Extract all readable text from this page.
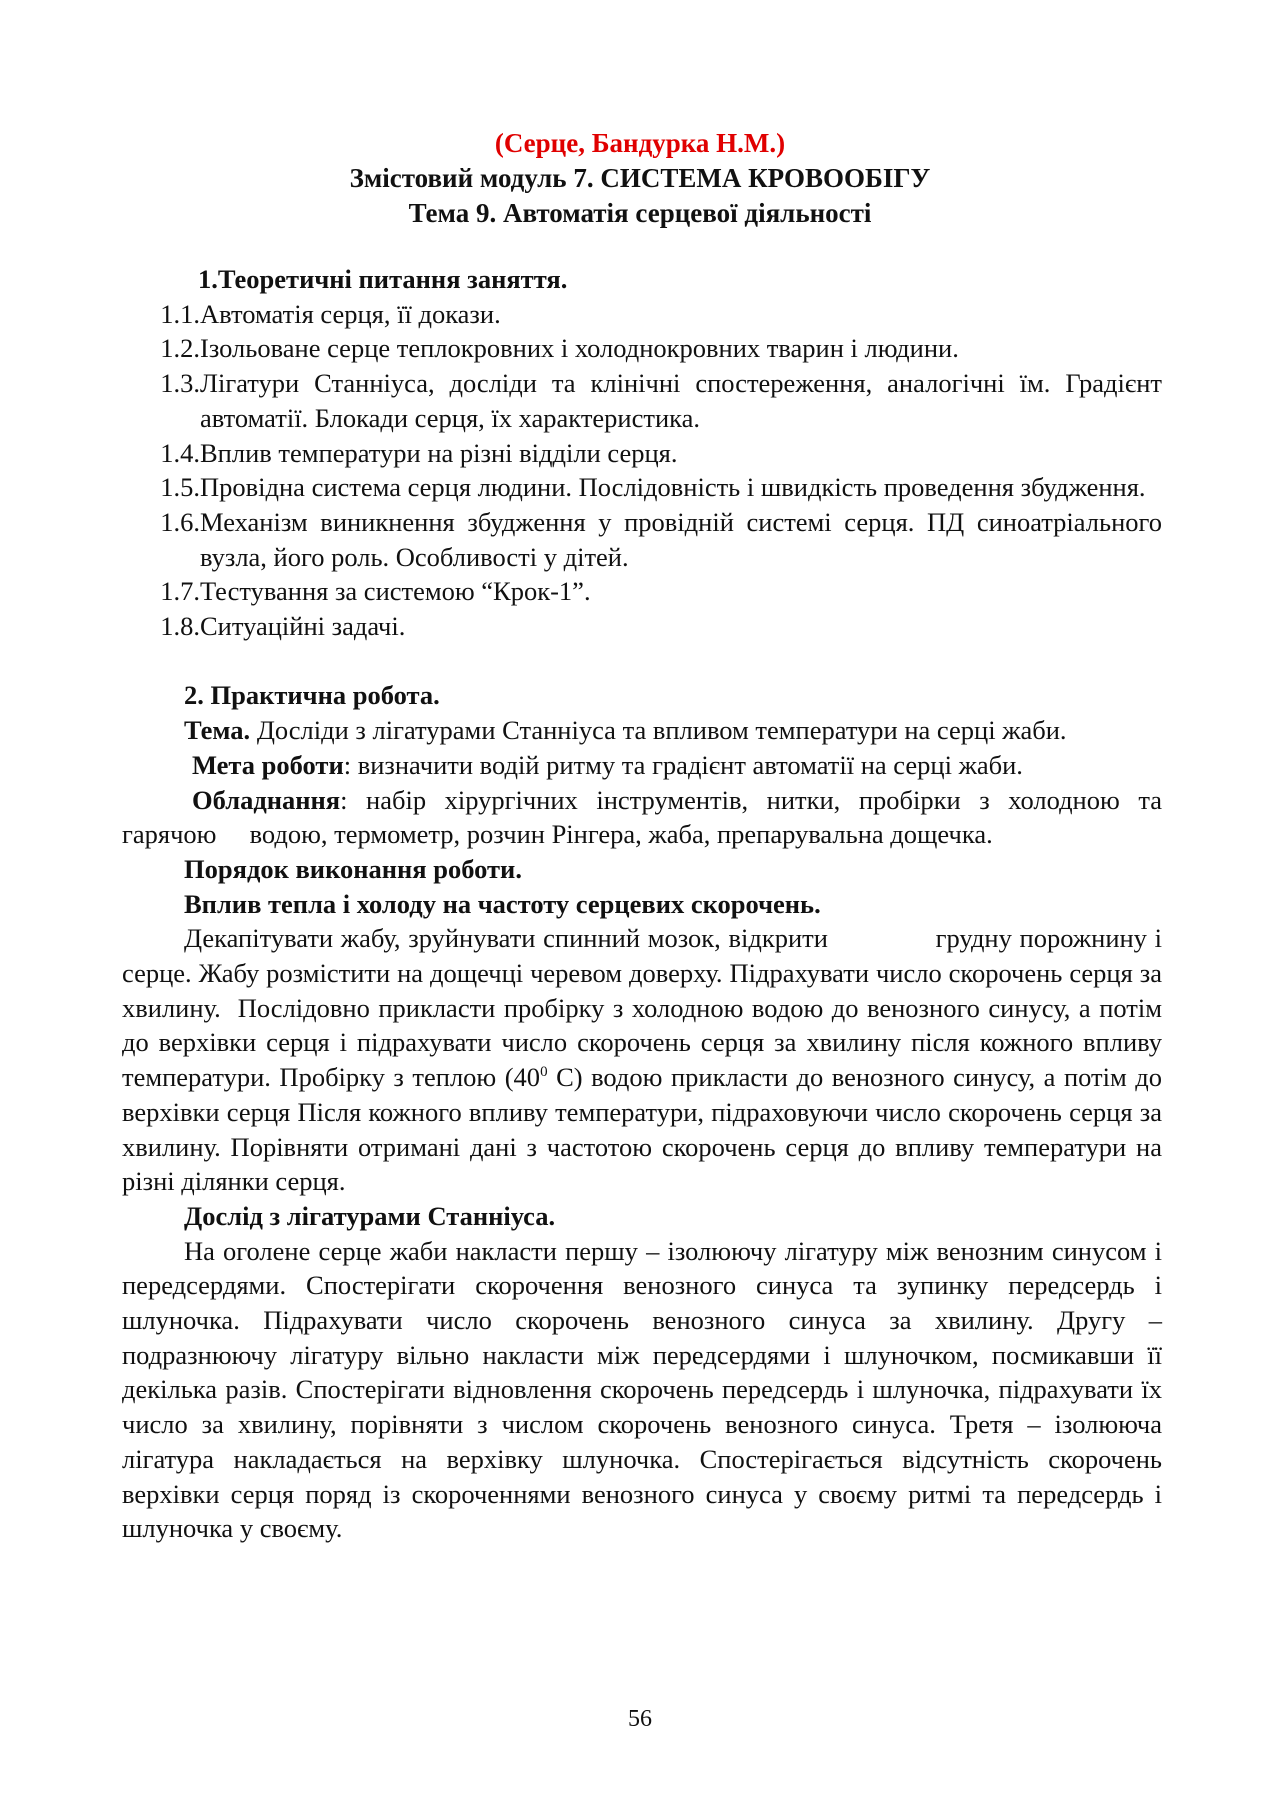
(Серце, Бандурка Н.М.)
Змістовий модуль 7. СИСТЕМА КРОВООБІГУ
Тема 9. Автоматія серцевої діяльності
1.Теоретичні питання заняття.
1.1. Автоматія серця, її докази.
1.2. Ізольоване серце теплокровних і холоднокровних тварин і людини.
1.3. Лігатури Станніуса, досліди та клінічні спостереження, аналогічні їм. Градієнт автоматії. Блокади серця, їх характеристика.
1.4. Вплив температури на різні відділи серця.
1.5. Провідна система серця людини. Послідовність і швидкість проведення збудження.
1.6. Механізм виникнення збудження у провідній системі серця. ПД синоатріального вузла, його роль. Особливості у дітей.
1.7. Тестування за системою “Крок-1”.
1.8. Ситуаційні задачі.
2. Практична робота.

Тема. Досліди з лігатурами Станніуса та впливом температури на серці жаби.

Мета роботи: визначити водій ритму та градієнт автоматії на серці жаби.

Обладнання: набір хірургічних інструментів, нитки, пробірки з холодною та гарячою     водою, термометр, розчин Рінгера, жаба, препарувальна дощечка.

Порядок виконання роботи.
Вплив тепла і холоду на частоту серцевих скорочень.

Декапітувати жабу, зруйнувати спинний мозок, відкрити              грудну порожнину і серце. Жабу розмістити на дощечці черевом доверху. Підрахувати число скорочень серця за хвилину.  Послідовно прикласти пробірку з холодною водою до венозного синусу, а потім до верхівки серця і підрахувати число скорочень серця за хвилину після кожного впливу температури. Пробірку з теплою ($40^0$ С) водою прикласти до венозного синусу, а потім до верхівки серця Після кожного впливу температури, підраховуючи число скорочень серця за хвилину. Порівняти отримані дані з частотою скорочень серця до впливу температури на різні ділянки серця.

Дослід з лігатурами Станніуса.

На оголене серце жаби накласти першу – ізолюючу лігатуру між венозним синусом і передсердями. Спостерігати скорочення венозного синуса та зупинку передсердь і шлуночка. Підрахувати число скорочень венозного синуса за хвилину. Другу – подразнюючу лігатуру вільно накласти між передсердями і шлуночком, посмикавши її декілька разів. Спостерігати відновлення скорочень передсердь і шлуночка, підрахувати їх число за хвилину, порівняти з числом скорочень венозного синуса. Третя – ізолююча лігатура накладається на верхівку шлуночка. Спостерігається відсутність скорочень верхівки серця поряд із скороченнями венозного синуса у своєму ритмі та передсердь і шлуночка у своєму.

56
